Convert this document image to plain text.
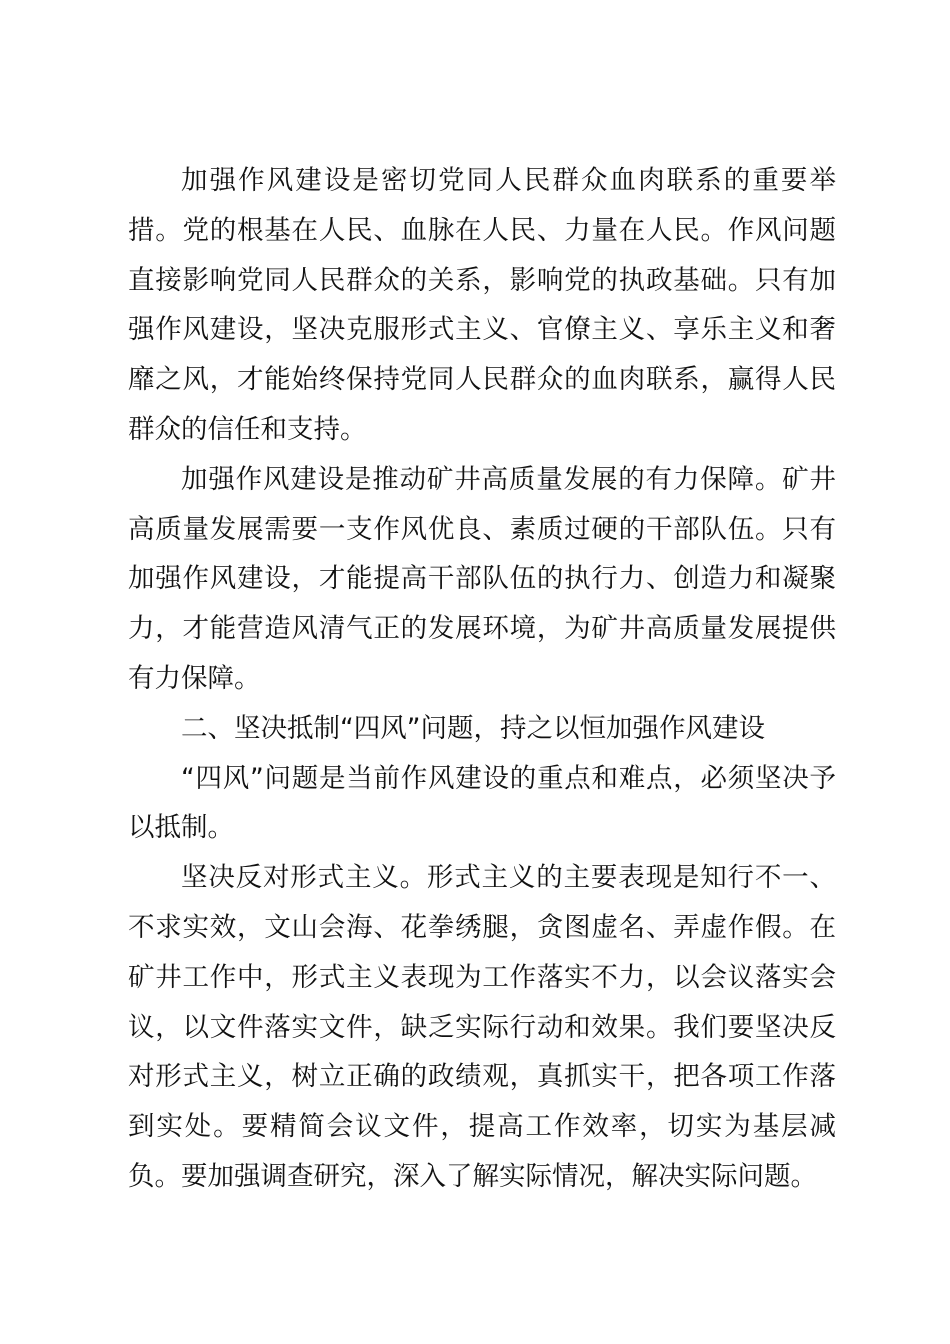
加强作风建设是密切党同人民群众血肉联系的重要举措。党的根基在人民、血脉在人民、力量在人民。作风问题直接影响党同人民群众的关系，影响党的执政基础。只有加强作风建设，坚决克服形式主义、官僚主义、享乐主义和奢靡之风，才能始终保持党同人民群众的血肉联系，赢得人民群众的信任和支持。

加强作风建设是推动矿井高质量发展的有力保障。矿井高质量发展需要一支作风优良、素质过硬的干部队伍。只有加强作风建设，才能提高干部队伍的执行力、创造力和凝聚力，才能营造风清气正的发展环境，为矿井高质量发展提供有力保障。

二、坚决抵制“四风”问题，持之以恒加强作风建设

“四风”问题是当前作风建设的重点和难点，必须坚决予以抵制。

坚决反对形式主义。形式主义的主要表现是知行不一、不求实效，文山会海、花拳绣腿，贪图虚名、弄虚作假。在矿井工作中，形式主义表现为工作落实不力，以会议落实会议，以文件落实文件，缺乏实际行动和效果。我们要坚决反对形式主义，树立正确的政绩观，真抓实干，把各项工作落到实处。要精简会议文件，提高工作效率，切实为基层减负。要加强调查研究，深入了解实际情况，解决实际问题。
